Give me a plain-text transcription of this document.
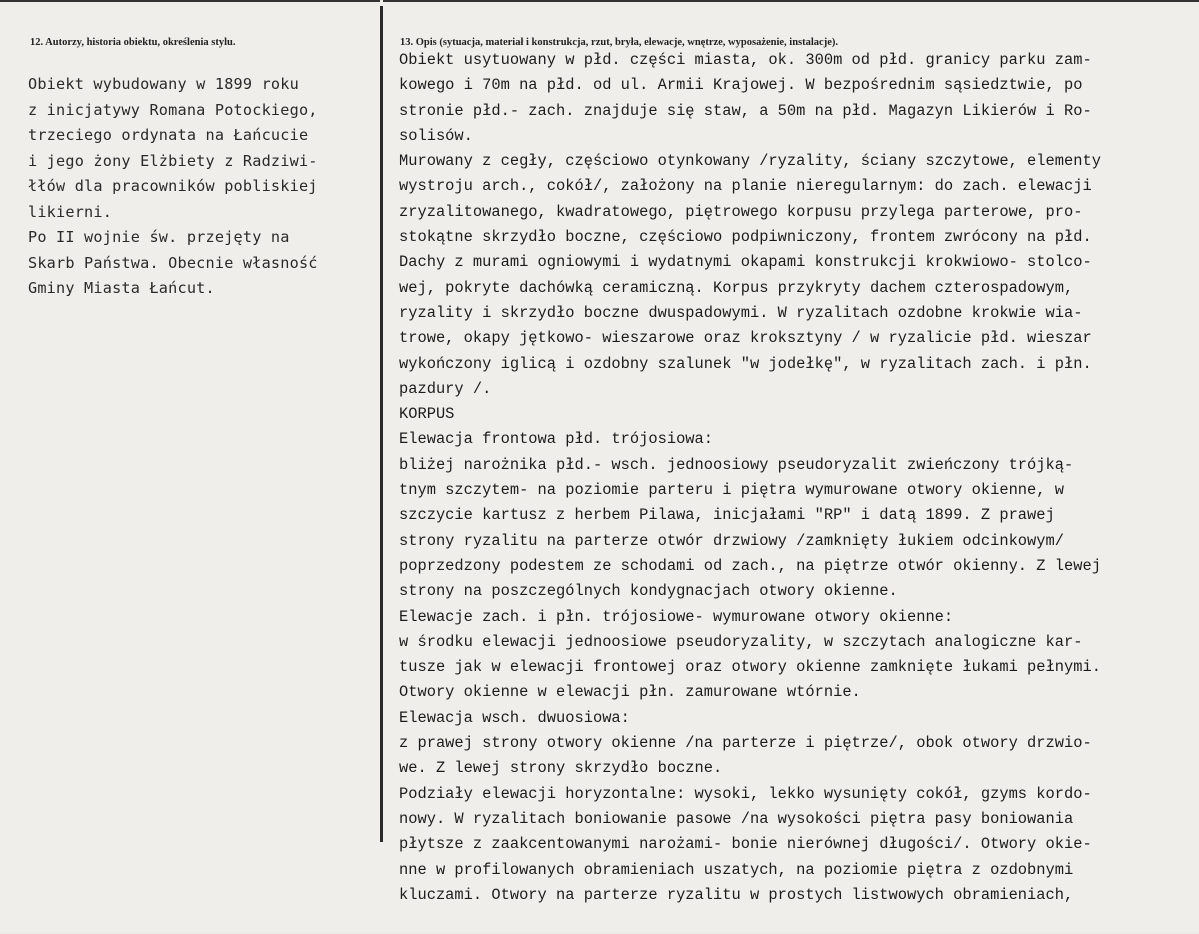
12. Autorzy, historia obiektu, określenia stylu.
Obiekt wybudowany w 1899 roku
z inicjatywy Romana Potockiego,
trzeciego ordynata na Łańcucie
i jego żony Elżbiety z Radziwi-
łłów dla pracowników pobliskiej
likierni.
Po II wojnie św. przejęty na
Skarb Państwa. Obecnie własność
Gminy Miasta Łańcut.
13. Opis (sytuacja, materiał i konstrukcja, rzut, bryła, elewacje, wnętrze, wyposażenie, instalacje).
Obiekt usytuowany w płd. części miasta, ok. 300m od płd. granicy parku zam-
kowego i 70m na płd. od ul. Armii Krajowej. W bezpośrednim sąsiedztwie, po
stronie płd.- zach. znajduje się staw, a 50m na płd. Magazyn Likierów i Ro-
solisów.
Murowany z cegły, częściowo otynkowany /ryzality, ściany szczytowe, elementy
wystroju arch., cokół/, założony na planie nieregularnym: do zach. elewacji
zryzalitowanego, kwadratowego, piętrowego korpusu przylega parterowe, pro-
stokątne skrzydło boczne, częściowo podpiwniczony, frontem zwrócony na płd.
Dachy z murami ogniowymi i wydatnymi okapami konstrukcji krokwiowo- stolco-
wej, pokryte dachówką ceramiczną. Korpus przykryty dachem czterospadowym,
ryzality i skrzydło boczne dwuspadowymi. W ryzalitach ozdobne krokwie wia-
trowe, okapy jętkowo- wieszarowe oraz kroksztyny / w ryzalicie płd. wieszar
wykończony iglicą i ozdobny szalunek "w jodełkę", w ryzalitach zach. i płn.
pazdury /.
KORPUS
Elewacja frontowa płd. trójosiowa:
bliżej narożnika płd.- wsch. jednoosiowy pseudoryzalit zwieńczony trójką-
tnym szczytem- na poziomie parteru i piętra wymurowane otwory okienne, w
szczycie kartusz z herbem Pilawa, inicjałami "RP" i datą 1899. Z prawej
strony ryzalitu na parterze otwór drzwiowy /zamknięty łukiem odcinkowym/
poprzedzony podestem ze schodami od zach., na piętrze otwór okienny. Z lewej
strony na poszczególnych kondygnacjach otwory okienne.
Elewacje zach. i płn. trójosiowe- wymurowane otwory okienne:
w środku elewacji jednoosiowe pseudoryzality, w szczytach analogiczne kar-
tusze jak w elewacji frontowej oraz otwory okienne zamknięte łukami pełnymi.
Otwory okienne w elewacji płn. zamurowane wtórnie.
Elewacja wsch. dwuosiowa:
z prawej strony otwory okienne /na parterze i piętrze/, obok otwory drzwio-
we. Z lewej strony skrzydło boczne.
Podziały elewacji horyzontalne: wysoki, lekko wysunięty cokół, gzyms kordo-
nowy. W ryzalitach boniowanie pasowe /na wysokości piętra pasy boniowania
płytsze z zaakcentowanymi narożami- bonie nierównej długości/. Otwory okie-
nne w profilowanych obramieniach uszatych, na poziomie piętra z ozdobnymi
kluczami. Otwory na parterze ryzalitu w prostych listwowych obramieniach,
